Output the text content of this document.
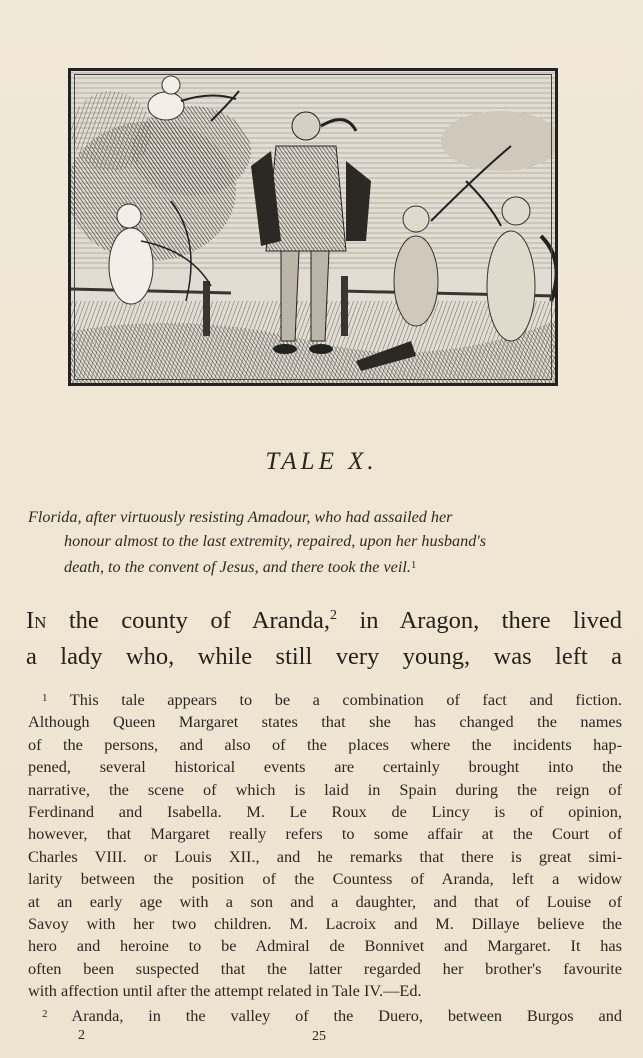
TALE X.
Florida, after virtuously resisting Amadour, who had assailed her
honour almost to the last extremity, repaired, upon her husband's
death, to the convent of Jesus, and there took the veil.$^1$
In the county of Aranda,$^2$ in Aragon, there lived
a lady who, while still very young, was left a
$^1$ This tale appears to be a combination of fact and fiction.
Although Queen Margaret states that she has changed the names
of the persons, and also of the places where the incidents hap-
pened, several historical events are certainly brought into the
narrative, the scene of which is laid in Spain during the reign of
Ferdinand and Isabella. M. Le Roux de Lincy is of opinion,
however, that Margaret really refers to some affair at the Court of
Charles VIII. or Louis XII., and he remarks that there is great simi-
larity between the position of the Countess of Aranda, left a widow
at an early age with a son and a daughter, and that of Louise of
Savoy with her two children. M. Lacroix and M. Dillaye believe the
hero and heroine to be Admiral de Bonnivet and Margaret. It has
often been suspected that the latter regarded her brother's favourite
with affection until after the attempt related in Tale IV.—Ed.
$^2$ Aranda, in the valley of the Duero, between Burgos and
2	25
